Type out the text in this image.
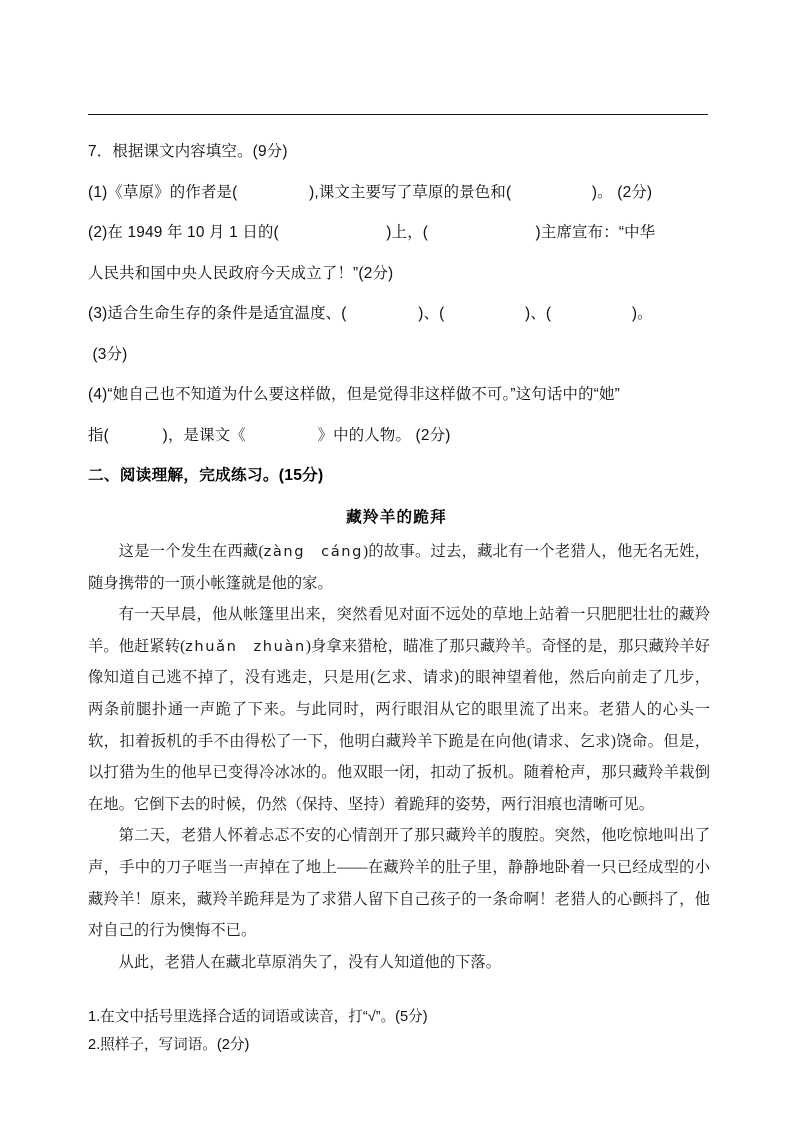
7．根据课文内容填空。(9分)
(1)《草原》的作者是(                ),课文主要写了草原的景色和(                  )。 (2分)
(2)在 1949 年 10 月 1 日的(                        )上，(                        )主席宣布：“中华
人民共和国中央人民政府今天成立了！”(2分)
(3)适合生命生存的条件是适宜温度、(                )、(                  )、(                  )。
(3分)
(4)“她自己也不知道为什么要这样做，但是觉得非这样做不可。”这句话中的“她”
指(            )，是课文《                》中的人物。 (2分)
二、阅读理解，完成练习。(15分)
藏羚羊的跪拜

这是一个发生在西藏(zàng cáng)的故事。过去，藏北有一个老猎人，他无名无姓，随身携带的一顶小帐篷就是他的家。

有一天早晨，他从帐篷里出来，突然看见对面不远处的草地上站着一只肥肥壮壮的藏羚羊。他赶紧转(zhuǎn zhuàn)身拿来猎枪，瞄准了那只藏羚羊。奇怪的是，那只藏羚羊好像知道自己逃不掉了，没有逃走，只是用(乞求、请求)的眼神望着他，然后向前走了几步，两条前腿扑通一声跪了下来。与此同时，两行眼泪从它的眼里流了出来。老猎人的心头一软，扣着扳机的手不由得松了一下，他明白藏羚羊下跪是在向他(请求、乞求)饶命。但是，以打猎为生的他早已变得冷冰冰的。他双眼一闭，扣动了扳机。随着枪声，那只藏羚羊栽倒在地。它倒下去的时候，仍然（保持、坚持）着跪拜的姿势，两行泪痕也清晰可见。

第二天，老猎人怀着忐忑不安的心情剖开了那只藏羚羊的腹腔。突然，他吃惊地叫出了声，手中的刀子哐当一声掉在了地上——在藏羚羊的肚子里，静静地卧着一只已经成型的小藏羚羊！原来，藏羚羊跪拜是为了求猎人留下自己孩子的一条命啊！老猎人的心颤抖了，他对自己的行为懊悔不已。

从此，老猎人在藏北草原消失了，没有人知道他的下落。

1.在文中括号里选择合适的词语或读音，打“√”。(5分)
2.照样子，写词语。(2分)
